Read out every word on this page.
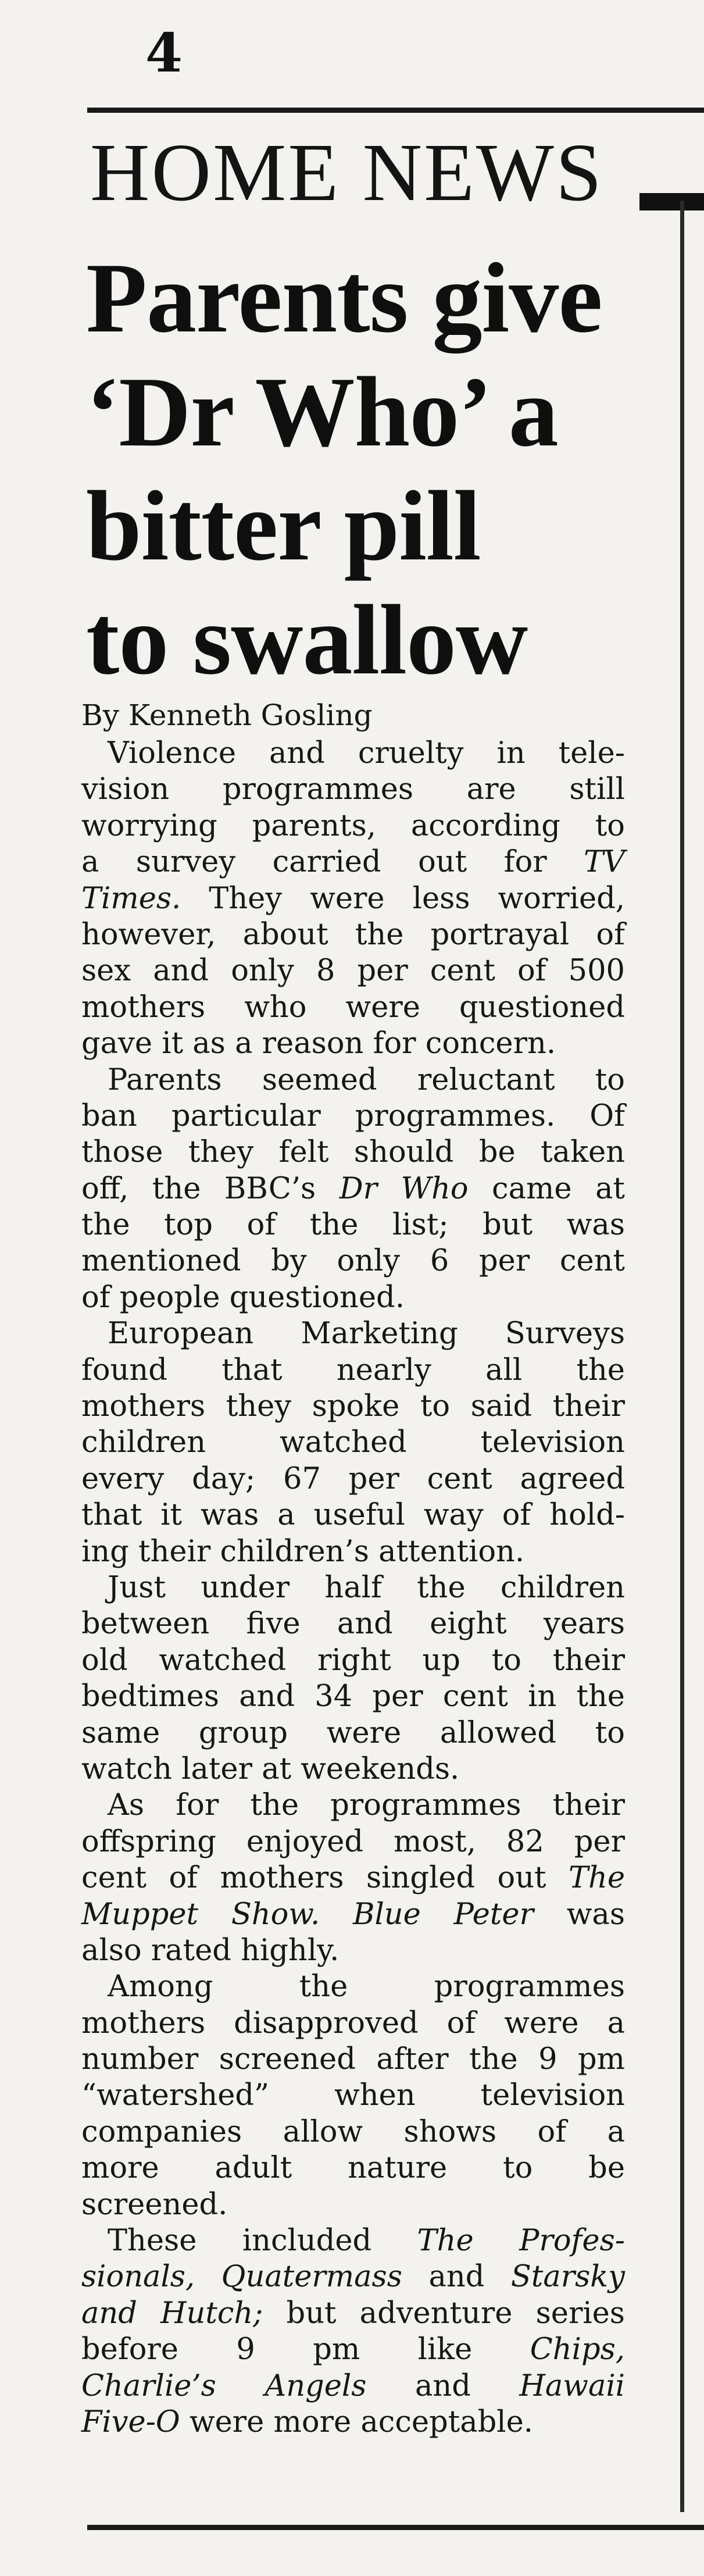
4
HOME NEWS
Parents give
‘Dr Who’ a
bitter pill
to swallow
By Kenneth Gosling
Violence and cruelty in tele-
vision programmes are still
worrying parents, according to
a survey carried out for TV
Times. They were less worried,
however, about the portrayal of
sex and only 8 per cent of 500
mothers who were questioned
gave it as a reason for concern.
Parents seemed reluctant to
ban particular programmes. Of
those they felt should be taken
off, the BBC’s Dr Who came at
the top of the list; but was
mentioned by only 6 per cent
of people questioned.
European Marketing Surveys
found that nearly all the
mothers they spoke to said their
children watched television
every day; 67 per cent agreed
that it was a useful way of hold-
ing their children’s attention.
Just under half the children
between five and eight years
old watched right up to their
bedtimes and 34 per cent in the
same group were allowed to
watch later at weekends.
As for the programmes their
offspring enjoyed most, 82 per
cent of mothers singled out The
Muppet Show. Blue Peter was
also rated highly.
Among the programmes
mothers disapproved of were a
number screened after the 9 pm
“watershed” when television
companies allow shows of a
more adult nature to be
screened.
These included The Profes-
sionals, Quatermass and Starsky
and Hutch; but adventure series
before 9 pm like Chips,
Charlie’s Angels and Hawaii
Five-O were more acceptable.
